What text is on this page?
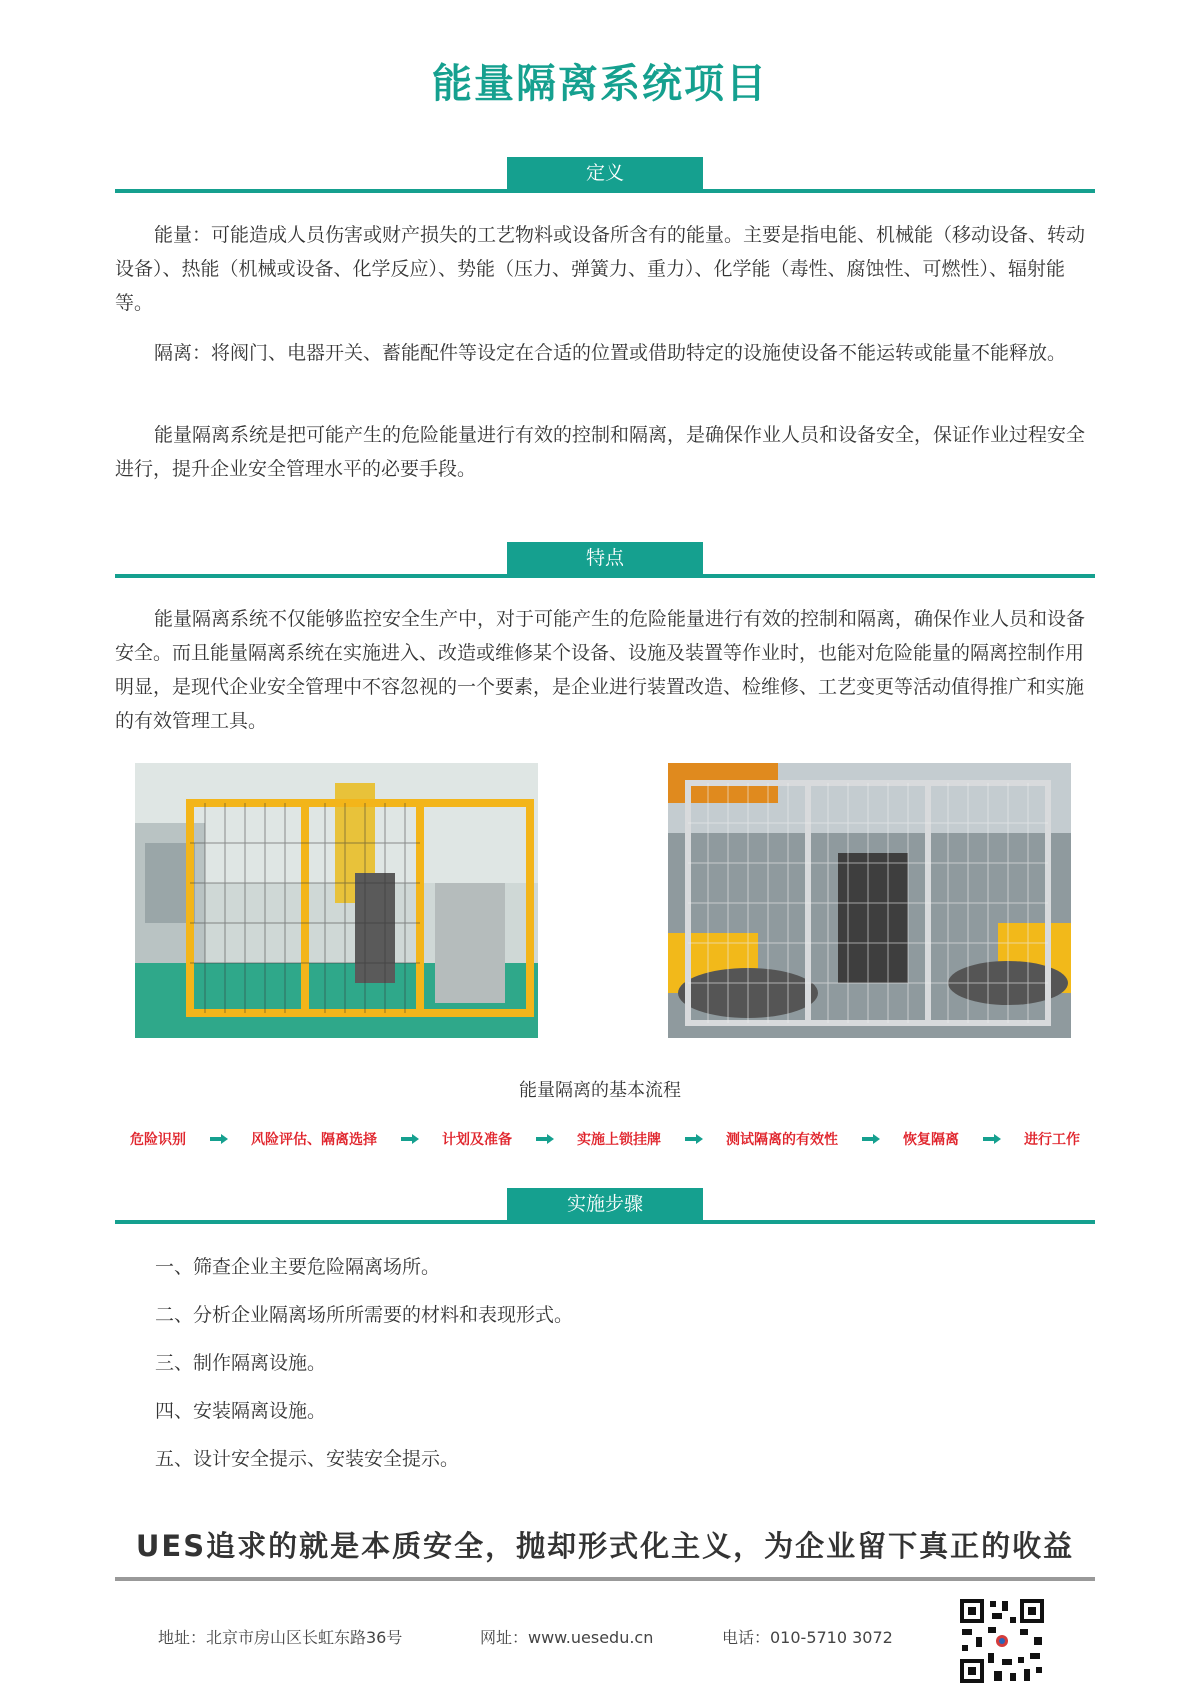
能量隔离系统项目
定义

能量：可能造成人员伤害或财产损失的工艺物料或设备所含有的能量。主要是指电能、机械能（移动设备、转动设备）、热能（机械或设备、化学反应）、势能（压力、弹簧力、重力）、化学能（毒性、腐蚀性、可燃性）、辐射能等。

隔离：将阀门、电器开关、蓄能配件等设定在合适的位置或借助特定的设施使设备不能运转或能量不能释放。

能量隔离系统是把可能产生的危险能量进行有效的控制和隔离，是确保作业人员和设备安全，保证作业过程安全进行，提升企业安全管理水平的必要手段。

特点

能量隔离系统不仅能够监控安全生产中，对于可能产生的危险能量进行有效的控制和隔离，确保作业人员和设备安全。而且能量隔离系统在实施进入、改造或维修某个设备、设施及装置等作业时，也能对危险能量的隔离控制作用明显，是现代企业安全管理中不容忽视的一个要素，是企业进行装置改造、检维修、工艺变更等活动值得推广和实施的有效管理工具。

能量隔离的基本流程
危险识别	风险评估、隔离选择	计划及准备	实施上锁挂牌	测试隔离的有效性	恢复隔离	进行工作
实施步骤
一、筛查企业主要危险隔离场所。
二、分析企业隔离场所所需要的材料和表现形式。
三、制作隔离设施。
四、安装隔离设施。
五、设计安全提示、安装安全提示。
UES追求的就是本质安全，抛却形式化主义，为企业留下真正的收益
地址：北京市房山区长虹东路36号	网址：www.uesedu.cn	电话：010-5710 3072
